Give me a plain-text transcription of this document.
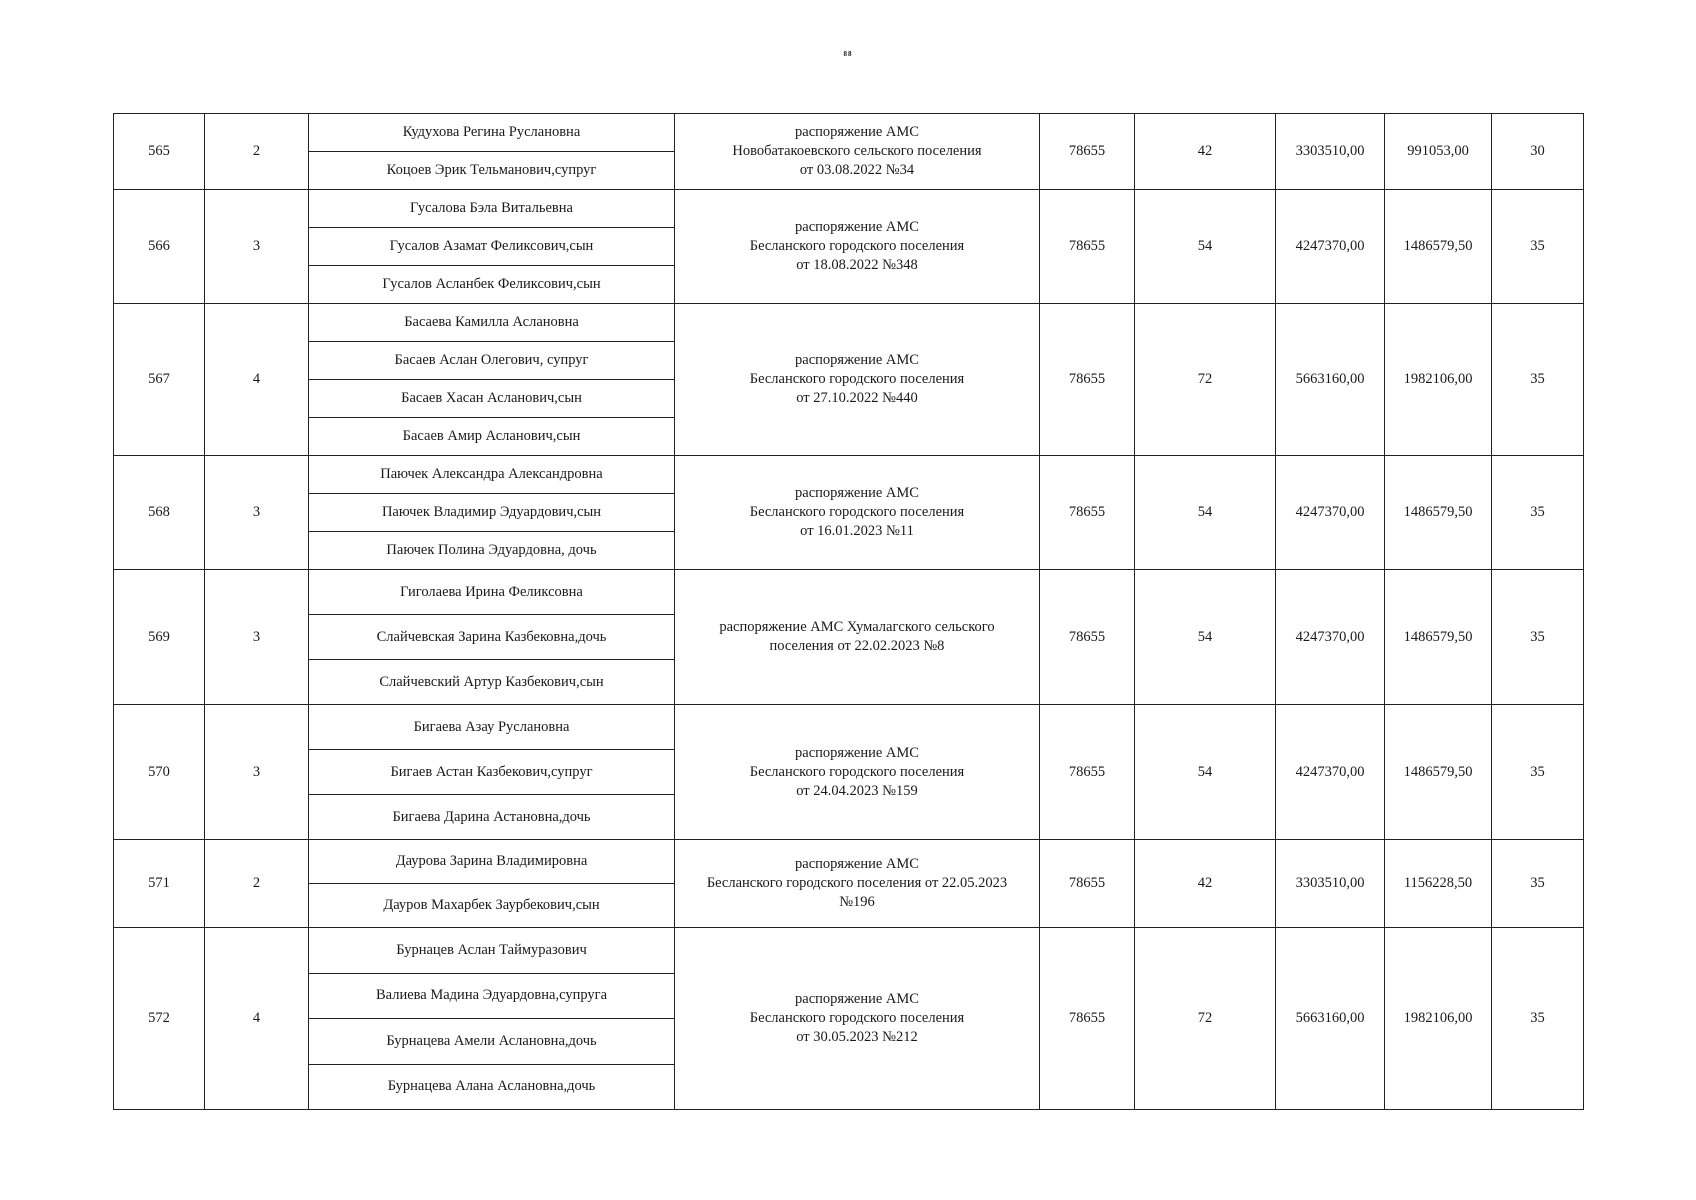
88
565	2	Кудухова Регина Руслановна	распоряжение АМС
Новобатакоевского сельского поселения
от 03.08.2022 №34	78655	42	3303510,00	991053,00	30
		Коцоев Эрик Тельманович,супруг						
566	3	Гусалова Бэла Витальевна	распоряжение АМС
Бесланского городского поселения
от 18.08.2022 №348	78655	54	4247370,00	1486579,50	35
		Гусалов Азамат Феликсович,сын						
		Гусалов Асланбек Феликсович,сын						
567	4	Басаева Камилла Аслановна	распоряжение АМС
Бесланского городского поселения
от 27.10.2022 №440	78655	72	5663160,00	1982106,00	35
		Басаев Аслан Олегович, супруг						
		Басаев Хасан Асланович,сын						
		Басаев Амир Асланович,сын						
568	3	Паючек Александра Александровна	распоряжение АМС
Бесланского городского поселения
от 16.01.2023 №11	78655	54	4247370,00	1486579,50	35
		Паючек Владимир Эдуардович,сын						
		Паючек Полина Эдуардовна, дочь						
569	3	Гиголаева Ирина Феликсовна	распоряжение АМС Хумалагского сельского
поселения от 22.02.2023 №8	78655	54	4247370,00	1486579,50	35
		Слайчевская Зарина Казбековна,дочь						
		Слайчевский Артур Казбекович,сын						
570	3	Бигаева Азау Руслановна	распоряжение АМС
Бесланского городского поселения
от 24.04.2023 №159	78655	54	4247370,00	1486579,50	35
		Бигаев Астан Казбекович,супруг						
		Бигаева Дарина Астановна,дочь						
571	2	Даурова Зарина Владимировна	распоряжение АМС
Бесланского городского поселения от 22.05.2023
№196	78655	42	3303510,00	1156228,50	35
		Дауров Махарбек Заурбекович,сын						
572	4	Бурнацев Аслан Таймуразович	распоряжение АМС
Бесланского городского поселения
от 30.05.2023 №212	78655	72	5663160,00	1982106,00	35
		Валиева Мадина Эдуардовна,супруга						
		Бурнацева Амели Аслановна,дочь						
		Бурнацева Алана Аслановна,дочь						
